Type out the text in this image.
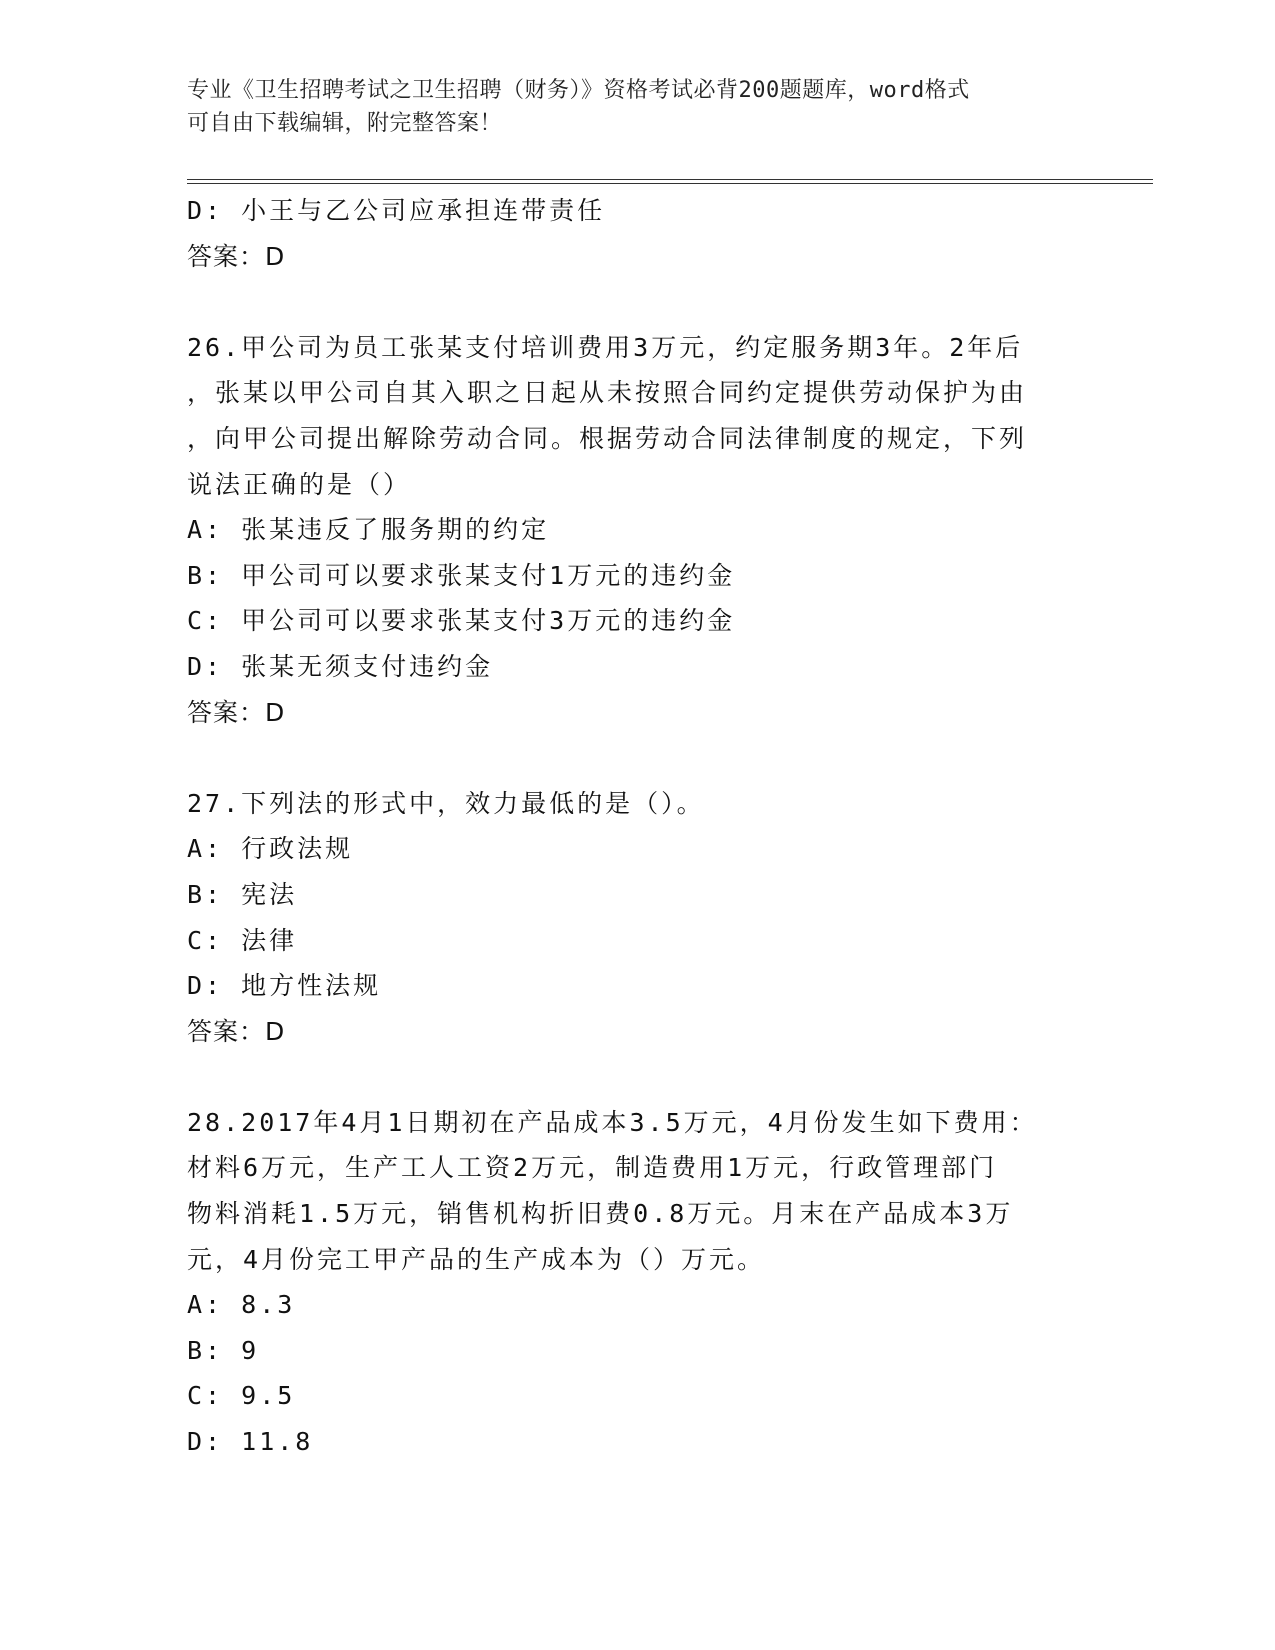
专业《卫生招聘考试之卫生招聘（财务）》资格考试必背200题题库，word格式
可自由下载编辑，附完整答案！
D: 小王与乙公司应承担连带责任
答案：D
26.甲公司为员工张某支付培训费用3万元，约定服务期3年。2年后
，张某以甲公司自其入职之日起从未按照合同约定提供劳动保护为由
，向甲公司提出解除劳动合同。根据劳动合同法律制度的规定，下列
说法正确的是（）
A: 张某违反了服务期的约定
B: 甲公司可以要求张某支付1万元的违约金
C: 甲公司可以要求张某支付3万元的违约金
D: 张某无须支付违约金
答案：D
27.下列法的形式中，效力最低的是（）。
A: 行政法规
B: 宪法
C: 法律
D: 地方性法规
答案：D
28.2017年4月1日期初在产品成本3.5万元，4月份发生如下费用：
材料6万元，生产工人工资2万元，制造费用1万元，行政管理部门
物料消耗1.5万元，销售机构折旧费0.8万元。月末在产品成本3万
元，4月份完工甲产品的生产成本为（）万元。
A: 8.3
B: 9
C: 9.5
D: 11.8
